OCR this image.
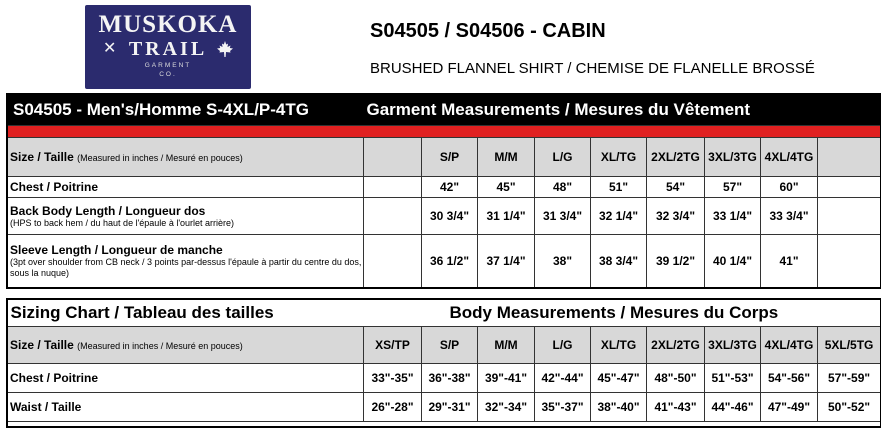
MUSKOKA
✕ TRAIL
GARMENT
CO.
S04505 / S04506 - CABIN
BRUSHED FLANNEL SHIRT / CHEMISE DE FLANELLE BROSSÉ
S04505 - Men's/Homme S-4XL/P-4TG	Garment Measurements / Mesures du Vêtement								

Size / Taille (Measured in inches / Mesuré en pouces)		S/P	M/M	L/G	XL/TG	2XL/2TG	3XL/3TG	4XL/4TG	
Chest / Poitrine		42"	45"	48"	51"	54"	57"	60"	
Back Body Length / Longueur dos
(HPS to back hem / du haut de l'épaule à l'ourlet arrière)		30 3/4"	31 1/4"	31 3/4"	32 1/4"	32 3/4"	33 1/4"	33 3/4"	
Sleeve Length / Longueur de manche
(3pt over shoulder from CB neck / 3 points par-dessus l'épaule à partir du centre du dos, sous la nuque)		36 1/2"	37 1/4"	38"	38 3/4"	39 1/2"	40 1/4"	41"	
Sizing Chart / Tableau des tailles	Body Measurements / Mesures du Corps								
Size / Taille (Measured in inches / Mesuré en pouces)	XS/TP	S/P	M/M	L/G	XL/TG	2XL/2TG	3XL/3TG	4XL/4TG	5XL/5TG
Chest / Poitrine	33"-35"	36"-38"	39"-41"	42"-44"	45"-47"	48"-50"	51"-53"	54"-56"	57"-59"
Waist / Taille	26"-28"	29"-31"	32"-34"	35"-37"	38"-40"	41"-43"	44"-46"	47"-49"	50"-52"
